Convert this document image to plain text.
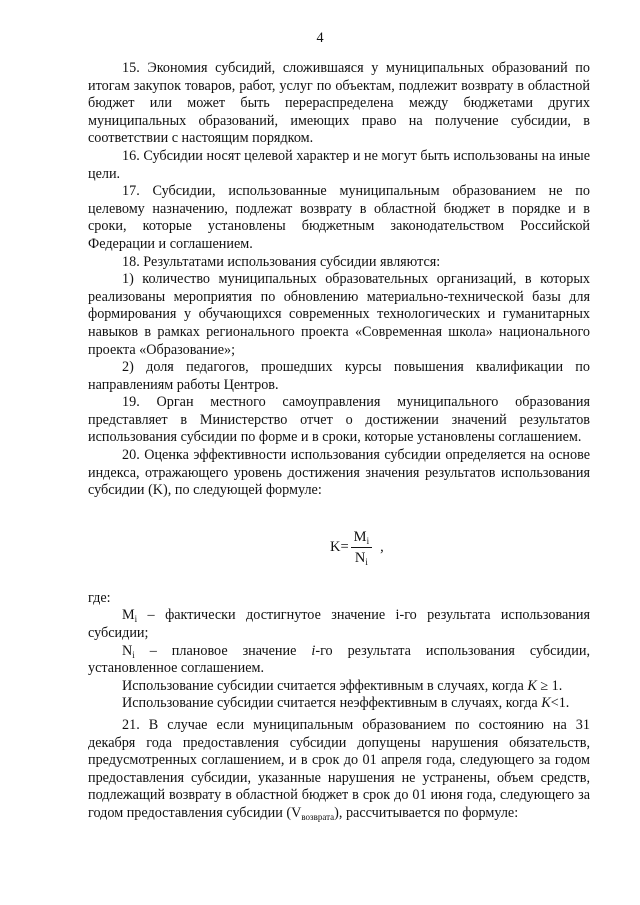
4

15. Экономия субсидий, сложившаяся у муниципальных образований по итогам закупок товаров, работ, услуг по объектам, подлежит возврату в областной бюджет или может быть перераспределена между бюджетами других муниципальных образований, имеющих право на получение субсидии, в соответствии с настоящим порядком.

16. Субсидии носят целевой характер и не могут быть использованы на иные цели.

17. Субсидии, использованные муниципальным образованием не по целевому назначению, подлежат возврату в областной бюджет в порядке и в сроки, которые установлены бюджетным законодательством Российской Федерации и соглашением.

18. Результатами использования субсидии являются:

1) количество муниципальных образовательных организаций, в которых реализованы мероприятия по обновлению материально-технической базы для формирования у обучающихся современных технологических и гуманитарных навыков в рамках регионального проекта «Современная школа» национального проекта «Образование»;

2) доля педагогов, прошедших курсы повышения квалификации по направлениям работы Центров.

19. Орган местного самоуправления муниципального образования представляет в Министерство отчет о достижении значений результатов использования субсидии по форме и в сроки, которые установлены соглашением.

20. Оценка эффективности использования субсидии определяется на основе индекса, отражающего уровень достижения значения результатов использования субсидии (K), по следующей формуле:

где:

$M_i$ – фактически достигнутое значение i-го результата использования субсидии;

$N_i$ – плановое значение i-го результата использования субсидии, установленное соглашением.

Использование субсидии считается эффективным в случаях, когда K ≥ 1.

Использование субсидии считается неэффективным в случаях, когда K<1.

21. В случае если муниципальным образованием по состоянию на 31 декабря года предоставления субсидии допущены нарушения обязательств, предусмотренных соглашением, и в срок до 01 апреля года, следующего за годом предоставления субсидии, указанные нарушения не устранены, объем средств, подлежащий возврату в областной бюджет в срок до 01 июня года, следующего за годом предоставления субсидии $(V_{возврата})$, рассчитывается по формуле:

$K= \frac{M_i}{N_i}$ ,
